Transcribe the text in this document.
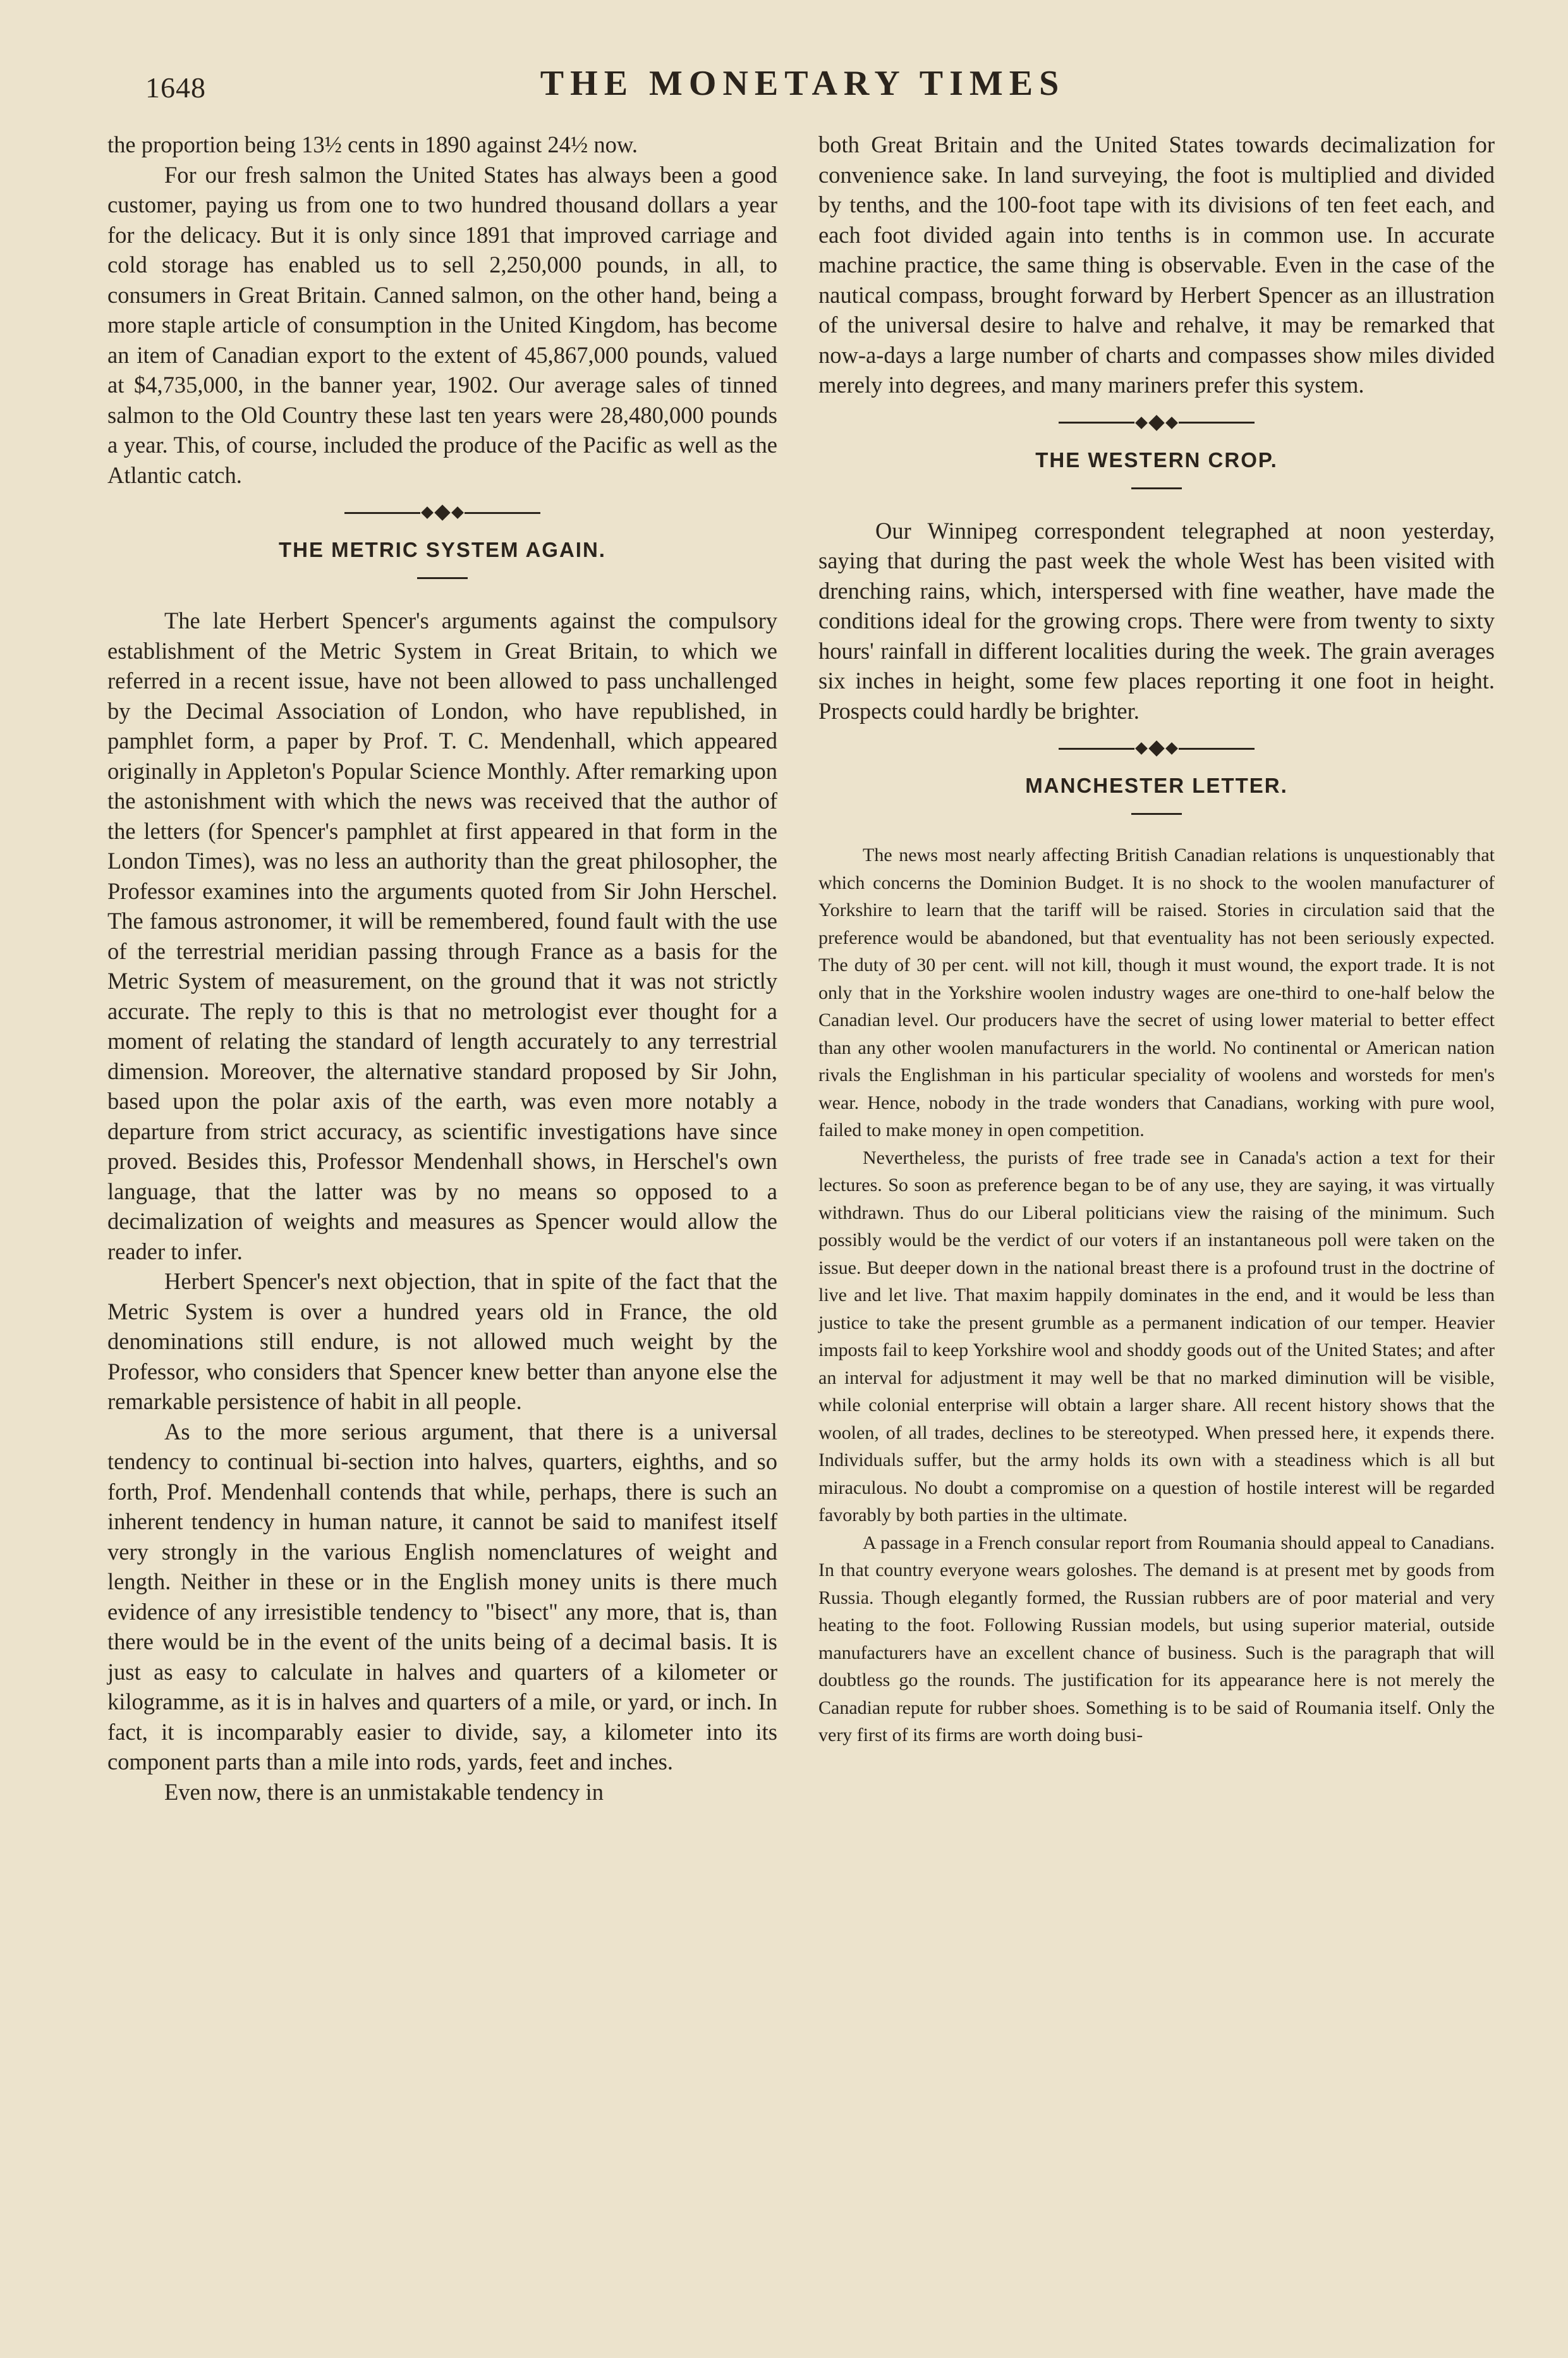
1648	THE MONETARY TIMES

the proportion being 13½ cents in 1890 against 24½ now.

For our fresh salmon the United States has always been a good customer, paying us from one to two hundred thousand dollars a year for the delicacy. But it is only since 1891 that improved carriage and cold storage has enabled us to sell 2,250,000 pounds, in all, to consumers in Great Britain. Canned salmon, on the other hand, being a more staple article of consumption in the United Kingdom, has become an item of Canadian export to the extent of 45,867,000 pounds, valued at $4,735,000, in the banner year, 1902. Our average sales of tinned salmon to the Old Country these last ten years were 28,480,000 pounds a year. This, of course, included the produce of the Pacific as well as the Atlantic catch.

THE METRIC SYSTEM AGAIN.

The late Herbert Spencer's arguments against the compulsory establishment of the Metric System in Great Britain, to which we referred in a recent issue, have not been allowed to pass unchallenged by the Decimal Association of London, who have republished, in pamphlet form, a paper by Prof. T. C. Mendenhall, which appeared originally in Appleton's Popular Science Monthly. After remarking upon the astonishment with which the news was received that the author of the letters (for Spencer's pamphlet at first appeared in that form in the London Times), was no less an authority than the great philosopher, the Professor examines into the arguments quoted from Sir John Herschel. The famous astronomer, it will be remembered, found fault with the use of the terrestrial meridian passing through France as a basis for the Metric System of measurement, on the ground that it was not strictly accurate. The reply to this is that no metrologist ever thought for a moment of relating the standard of length accurately to any terrestrial dimension. Moreover, the alternative standard proposed by Sir John, based upon the polar axis of the earth, was even more notably a departure from strict accuracy, as scientific investigations have since proved. Besides this, Professor Mendenhall shows, in Herschel's own language, that the latter was by no means so opposed to a decimalization of weights and measures as Spencer would allow the reader to infer.

Herbert Spencer's next objection, that in spite of the fact that the Metric System is over a hundred years old in France, the old denominations still endure, is not allowed much weight by the Professor, who considers that Spencer knew better than anyone else the remarkable persistence of habit in all people.

As to the more serious argument, that there is a universal tendency to continual bi-section into halves, quarters, eighths, and so forth, Prof. Mendenhall contends that while, perhaps, there is such an inherent tendency in human nature, it cannot be said to manifest itself very strongly in the various English nomenclatures of weight and length. Neither in these or in the English money units is there much evidence of any irresistible tendency to "bisect" any more, that is, than there would be in the event of the units being of a decimal basis. It is just as easy to calculate in halves and quarters of a kilometer or kilogramme, as it is in halves and quarters of a mile, or yard, or inch. In fact, it is incomparably easier to divide, say, a kilometer into its component parts than a mile into rods, yards, feet and inches.

Even now, there is an unmistakable tendency in

both Great Britain and the United States towards decimalization for convenience sake. In land surveying, the foot is multiplied and divided by tenths, and the 100-foot tape with its divisions of ten feet each, and each foot divided again into tenths is in common use. In accurate machine practice, the same thing is observable. Even in the case of the nautical compass, brought forward by Herbert Spencer as an illustration of the universal desire to halve and rehalve, it may be remarked that now-a-days a large number of charts and compasses show miles divided merely into degrees, and many mariners prefer this system.

THE WESTERN CROP.

Our Winnipeg correspondent telegraphed at noon yesterday, saying that during the past week the whole West has been visited with drenching rains, which, interspersed with fine weather, have made the conditions ideal for the growing crops. There were from twenty to sixty hours' rainfall in different localities during the week. The grain averages six inches in height, some few places reporting it one foot in height. Prospects could hardly be brighter.

MANCHESTER LETTER.

The news most nearly affecting British Canadian relations is unquestionably that which concerns the Dominion Budget. It is no shock to the woolen manufacturer of Yorkshire to learn that the tariff will be raised. Stories in circulation said that the preference would be abandoned, but that eventuality has not been seriously expected. The duty of 30 per cent. will not kill, though it must wound, the export trade. It is not only that in the Yorkshire woolen industry wages are one-third to one-half below the Canadian level. Our producers have the secret of using lower material to better effect than any other woolen manufacturers in the world. No continental or American nation rivals the Englishman in his particular speciality of woolens and worsteds for men's wear. Hence, nobody in the trade wonders that Canadians, working with pure wool, failed to make money in open competition.

Nevertheless, the purists of free trade see in Canada's action a text for their lectures. So soon as preference began to be of any use, they are saying, it was virtually withdrawn. Thus do our Liberal politicians view the raising of the minimum. Such possibly would be the verdict of our voters if an instantaneous poll were taken on the issue. But deeper down in the national breast there is a profound trust in the doctrine of live and let live. That maxim happily dominates in the end, and it would be less than justice to take the present grumble as a permanent indication of our temper. Heavier imposts fail to keep Yorkshire wool and shoddy goods out of the United States; and after an interval for adjustment it may well be that no marked diminution will be visible, while colonial enterprise will obtain a larger share. All recent history shows that the woolen, of all trades, declines to be stereotyped. When pressed here, it expends there. Individuals suffer, but the army holds its own with a steadiness which is all but miraculous. No doubt a compromise on a question of hostile interest will be regarded favorably by both parties in the ultimate.

A passage in a French consular report from Roumania should appeal to Canadians. In that country everyone wears goloshes. The demand is at present met by goods from Russia. Though elegantly formed, the Russian rubbers are of poor material and very heating to the foot. Following Russian models, but using superior material, outside manufacturers have an excellent chance of business. Such is the paragraph that will doubtless go the rounds. The justification for its appearance here is not merely the Canadian repute for rubber shoes. Something is to be said of Roumania itself. Only the very first of its firms are worth doing busi-
